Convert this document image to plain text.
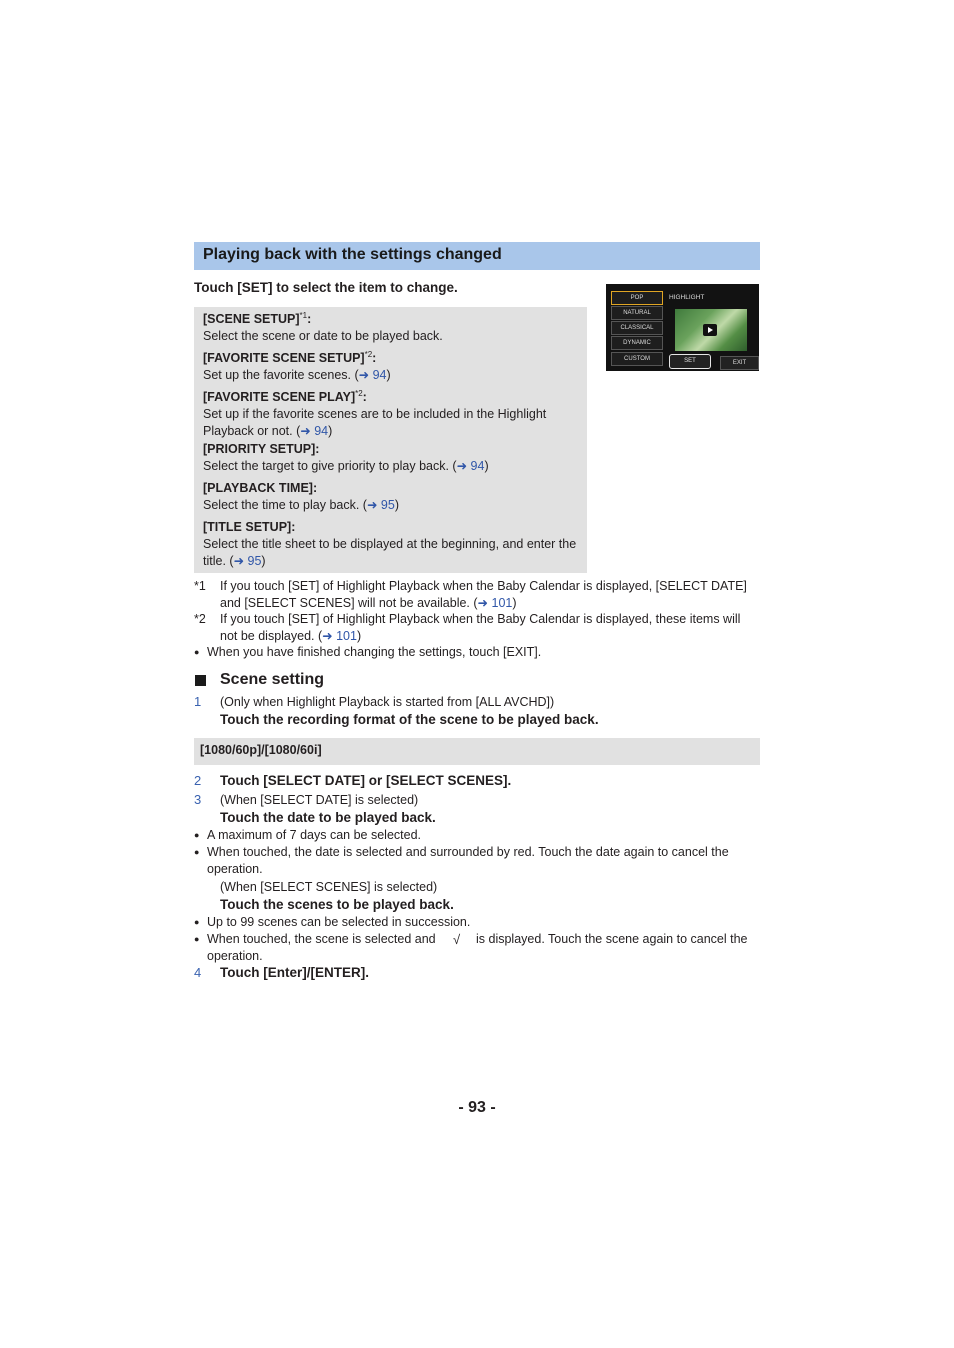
Playing back with the settings changed
Touch [SET] to select the item to change.
[SCENE SETUP]$^{*1}$:
Select the scene or date to be played back.
[FAVORITE SCENE SETUP]$^{*2}$:
Set up the favorite scenes. (➜ 94)
[FAVORITE SCENE PLAY]$^{*2}$:
Set up if the favorite scenes are to be included in the Highlight Playback or not. (➜ 94)
[PRIORITY SETUP]:
Select the target to give priority to play back. (➜ 94)
[PLAYBACK TIME]:
Select the time to play back. (➜ 95)
[TITLE SETUP]:
Select the title sheet to be displayed at the beginning, and enter the title. (➜ 95)
POP
NATURAL
CLASSICAL
DYNAMIC
CUSTOM
HIGHLIGHT
SET	EXIT
*1 If you touch [SET] of Highlight Playback when the Baby Calendar is displayed, [SELECT DATE] and [SELECT SCENES] will not be available. (➜ 101)
*2 If you touch [SET] of Highlight Playback when the Baby Calendar is displayed, these items will not be displayed. (➜ 101)
● When you have finished changing the settings, touch [EXIT].
Scene setting
1 (Only when Highlight Playback is started from [ALL AVCHD])
Touch the recording format of the scene to be played back.
[1080/60p]/[1080/60i]
2 Touch [SELECT DATE] or [SELECT SCENES].
3 (When [SELECT DATE] is selected)
Touch the date to be played back.
● A maximum of 7 days can be selected.
● When touched, the date is selected and surrounded by red. Touch the date again to cancel the operation.
(When [SELECT SCENES] is selected)
Touch the scenes to be played back.
● Up to 99 scenes can be selected in succession.
● When touched, the scene is selected and √ is displayed. Touch the scene again to cancel the
operation.
4 Touch [Enter]/[ENTER].
- 93 -
